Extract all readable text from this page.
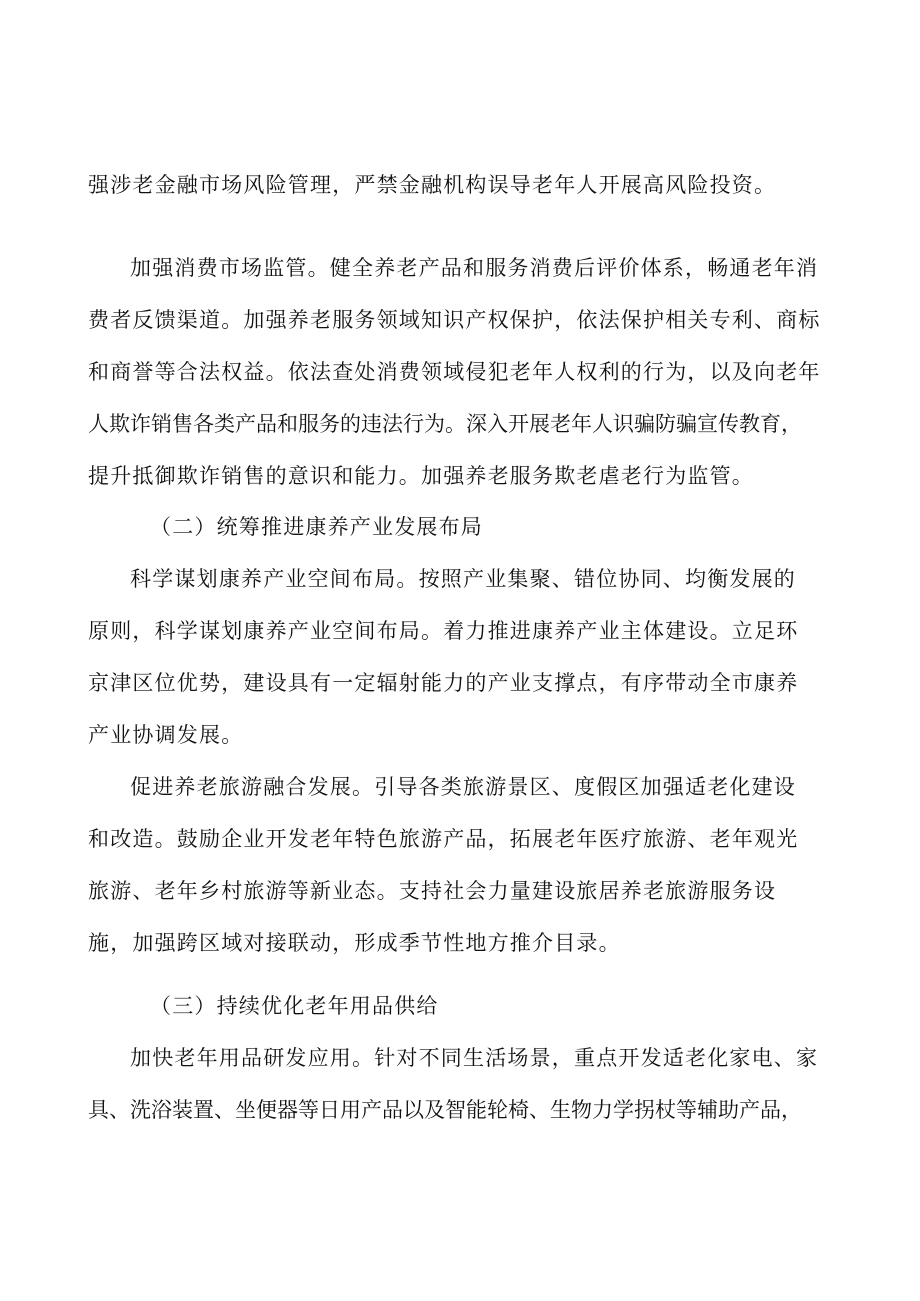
强涉老金融市场风险管理，严禁金融机构误导老年人开展高风险投资。
加强消费市场监管。健全养老产品和服务消费后评价体系，畅通老年消
费者反馈渠道。加强养老服务领域知识产权保护，依法保护相关专利、商标
和商誉等合法权益。依法查处消费领域侵犯老年人权利的行为，以及向老年
人欺诈销售各类产品和服务的违法行为。深入开展老年人识骗防骗宣传教育，
提升抵御欺诈销售的意识和能力。加强养老服务欺老虐老行为监管。
（二）统筹推进康养产业发展布局
科学谋划康养产业空间布局。按照产业集聚、错位协同、均衡发展的
原则，科学谋划康养产业空间布局。着力推进康养产业主体建设。立足环
京津区位优势，建设具有一定辐射能力的产业支撑点，有序带动全市康养
产业协调发展。
促进养老旅游融合发展。引导各类旅游景区、度假区加强适老化建设
和改造。鼓励企业开发老年特色旅游产品，拓展老年医疗旅游、老年观光
旅游、老年乡村旅游等新业态。支持社会力量建设旅居养老旅游服务设
施，加强跨区域对接联动，形成季节性地方推介目录。
（三）持续优化老年用品供给
加快老年用品研发应用。针对不同生活场景，重点开发适老化家电、家
具、洗浴装置、坐便器等日用产品以及智能轮椅、生物力学拐杖等辅助产品，
